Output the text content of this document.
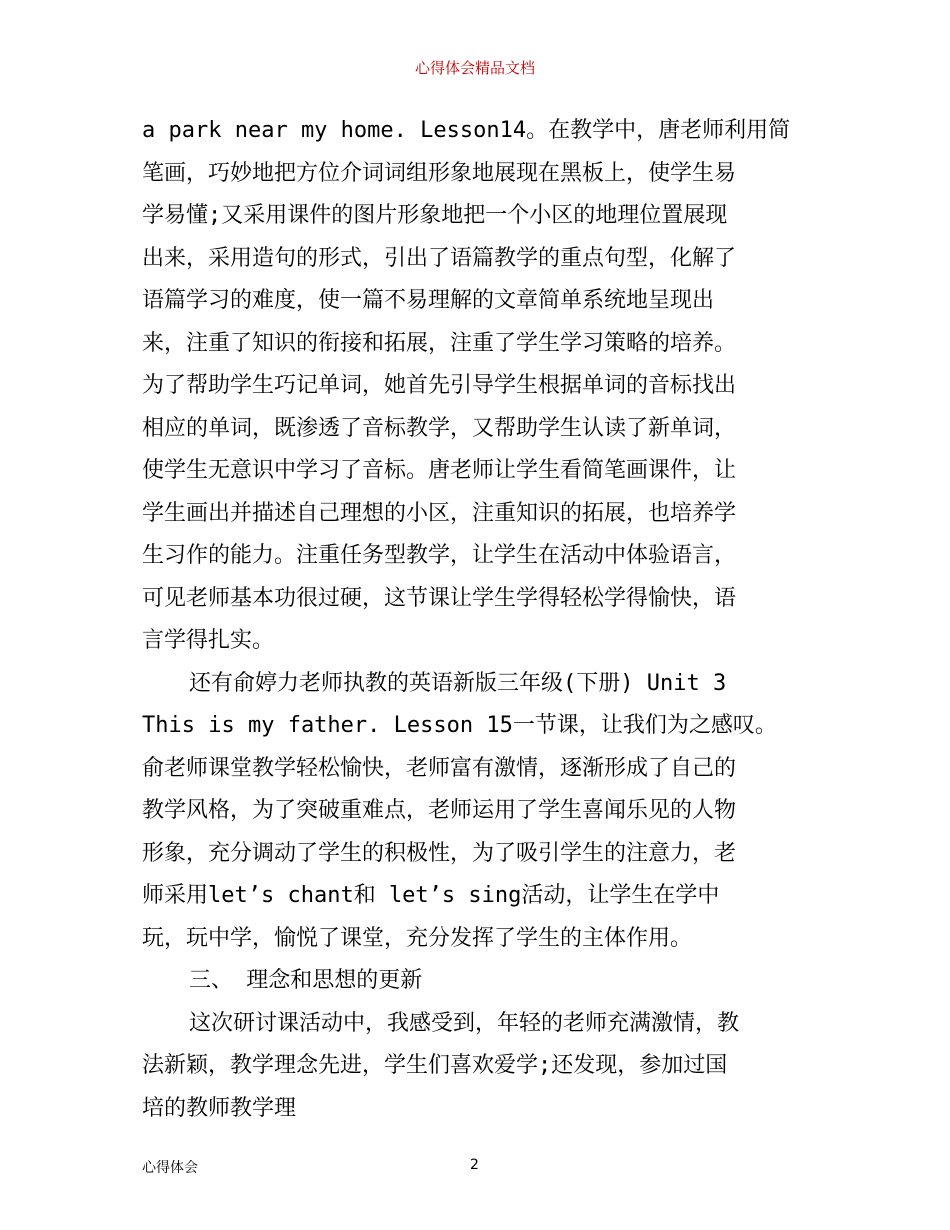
心得体会精品文档
a park near my home. Lesson14。在教学中，唐老师利用简
笔画，巧妙地把方位介词词组形象地展现在黑板上，使学生易
学易懂;又采用课件的图片形象地把一个小区的地理位置展现
出来，采用造句的形式，引出了语篇教学的重点句型，化解了
语篇学习的难度，使一篇不易理解的文章简单系统地呈现出
来，注重了知识的衔接和拓展，注重了学生学习策略的培养。
为了帮助学生巧记单词，她首先引导学生根据单词的音标找出
相应的单词，既渗透了音标教学，又帮助学生认读了新单词，
使学生无意识中学习了音标。唐老师让学生看简笔画课件，让
学生画出并描述自己理想的小区，注重知识的拓展，也培养学
生习作的能力。注重任务型教学，让学生在活动中体验语言，
可见老师基本功很过硬，这节课让学生学得轻松学得愉快，语
言学得扎实。
还有俞婷力老师执教的英语新版三年级(下册) Unit 3
This is my father. Lesson 15一节课，让我们为之感叹。
俞老师课堂教学轻松愉快，老师富有激情，逐渐形成了自己的
教学风格，为了突破重难点，老师运用了学生喜闻乐见的人物
形象，充分调动了学生的积极性，为了吸引学生的注意力，老
师采用let’s chant和 let’s sing活动，让学生在学中
玩，玩中学，愉悦了课堂，充分发挥了学生的主体作用。
三、 理念和思想的更新
这次研讨课活动中，我感受到，年轻的老师充满激情，教
法新颖，教学理念先进，学生们喜欢爱学;还发现，参加过国
培的教师教学理
心得体会	2
